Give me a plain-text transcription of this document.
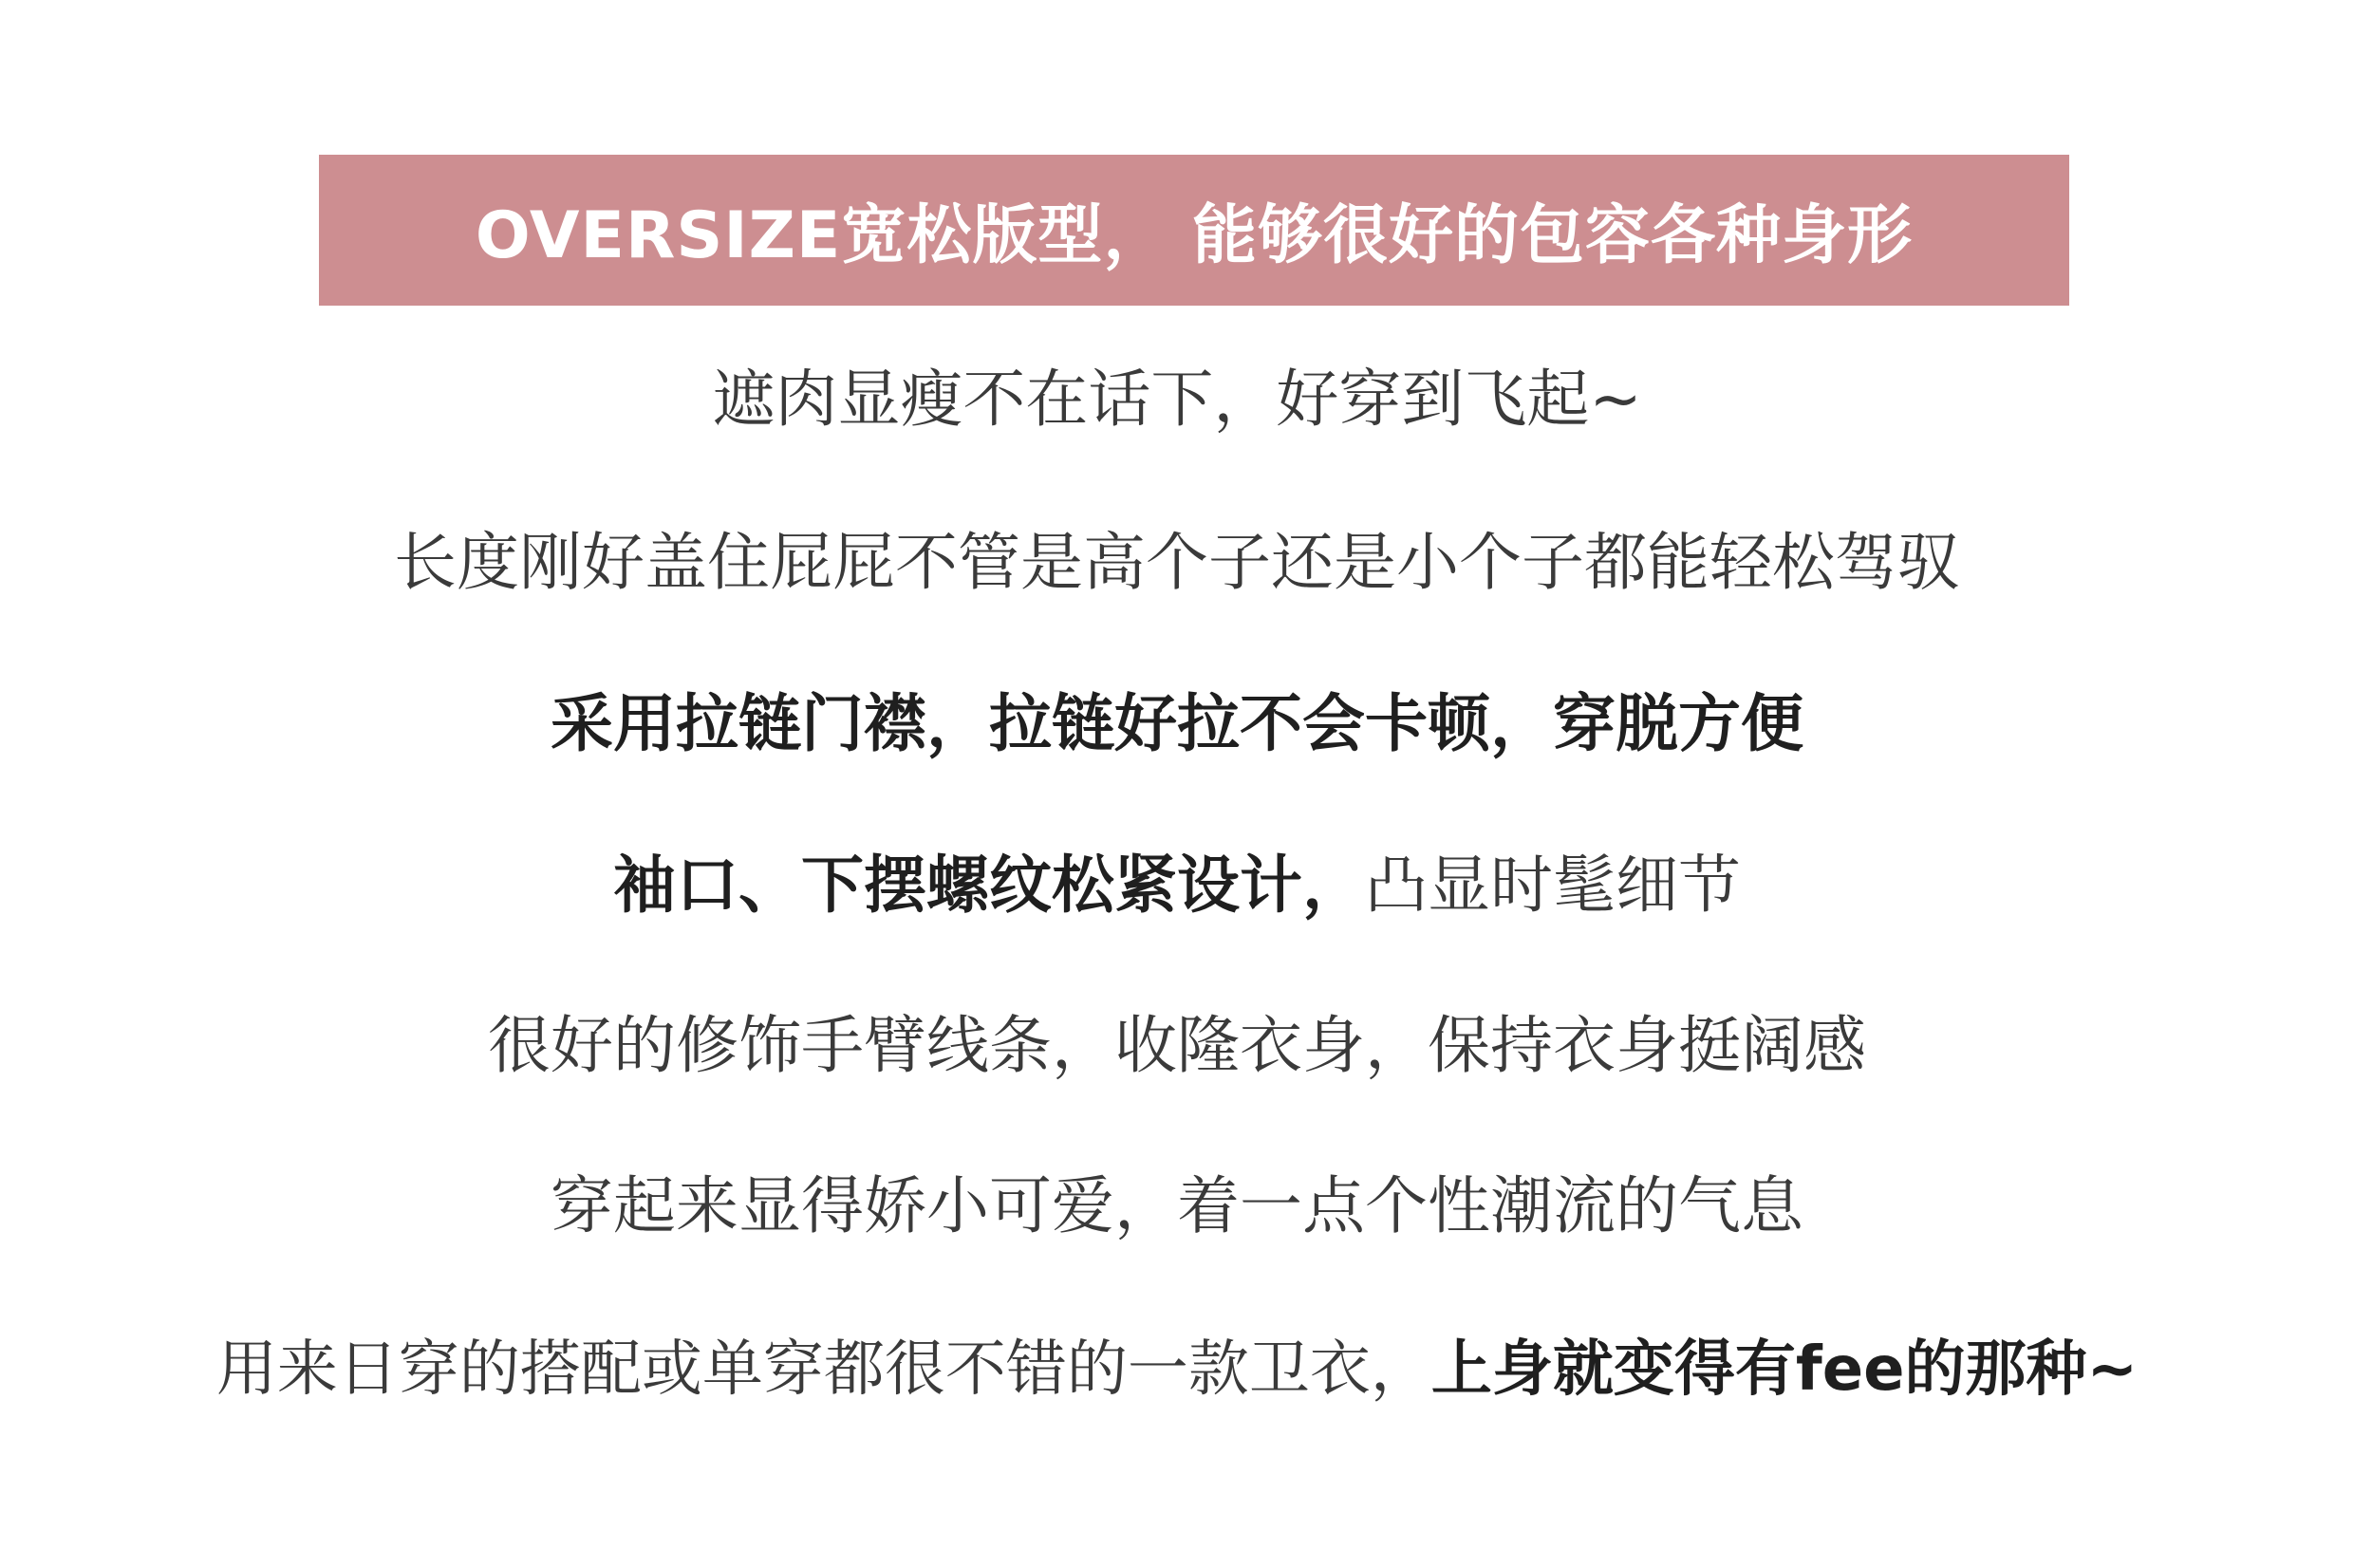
OVERSIZE宽松版型， 能够很好的包容各种身形
遮肉显瘦不在话下，好穿到飞起~
长度刚好盖住屁屁不管是高个子还是小个子都能轻松驾驭
采用拉链门襟，拉链好拉不会卡顿，穿脱方便
袖口、下摆螺纹松紧设计，凸显时髦细节
很好的修饰手臂线条，收隆衣身，保持衣身挺阔感
穿起来显得娇小可爱，着一点个性潮流的气息
用来日穿的搭配或单穿都很不错的一款卫衣，上身就变得有fee的那种~
